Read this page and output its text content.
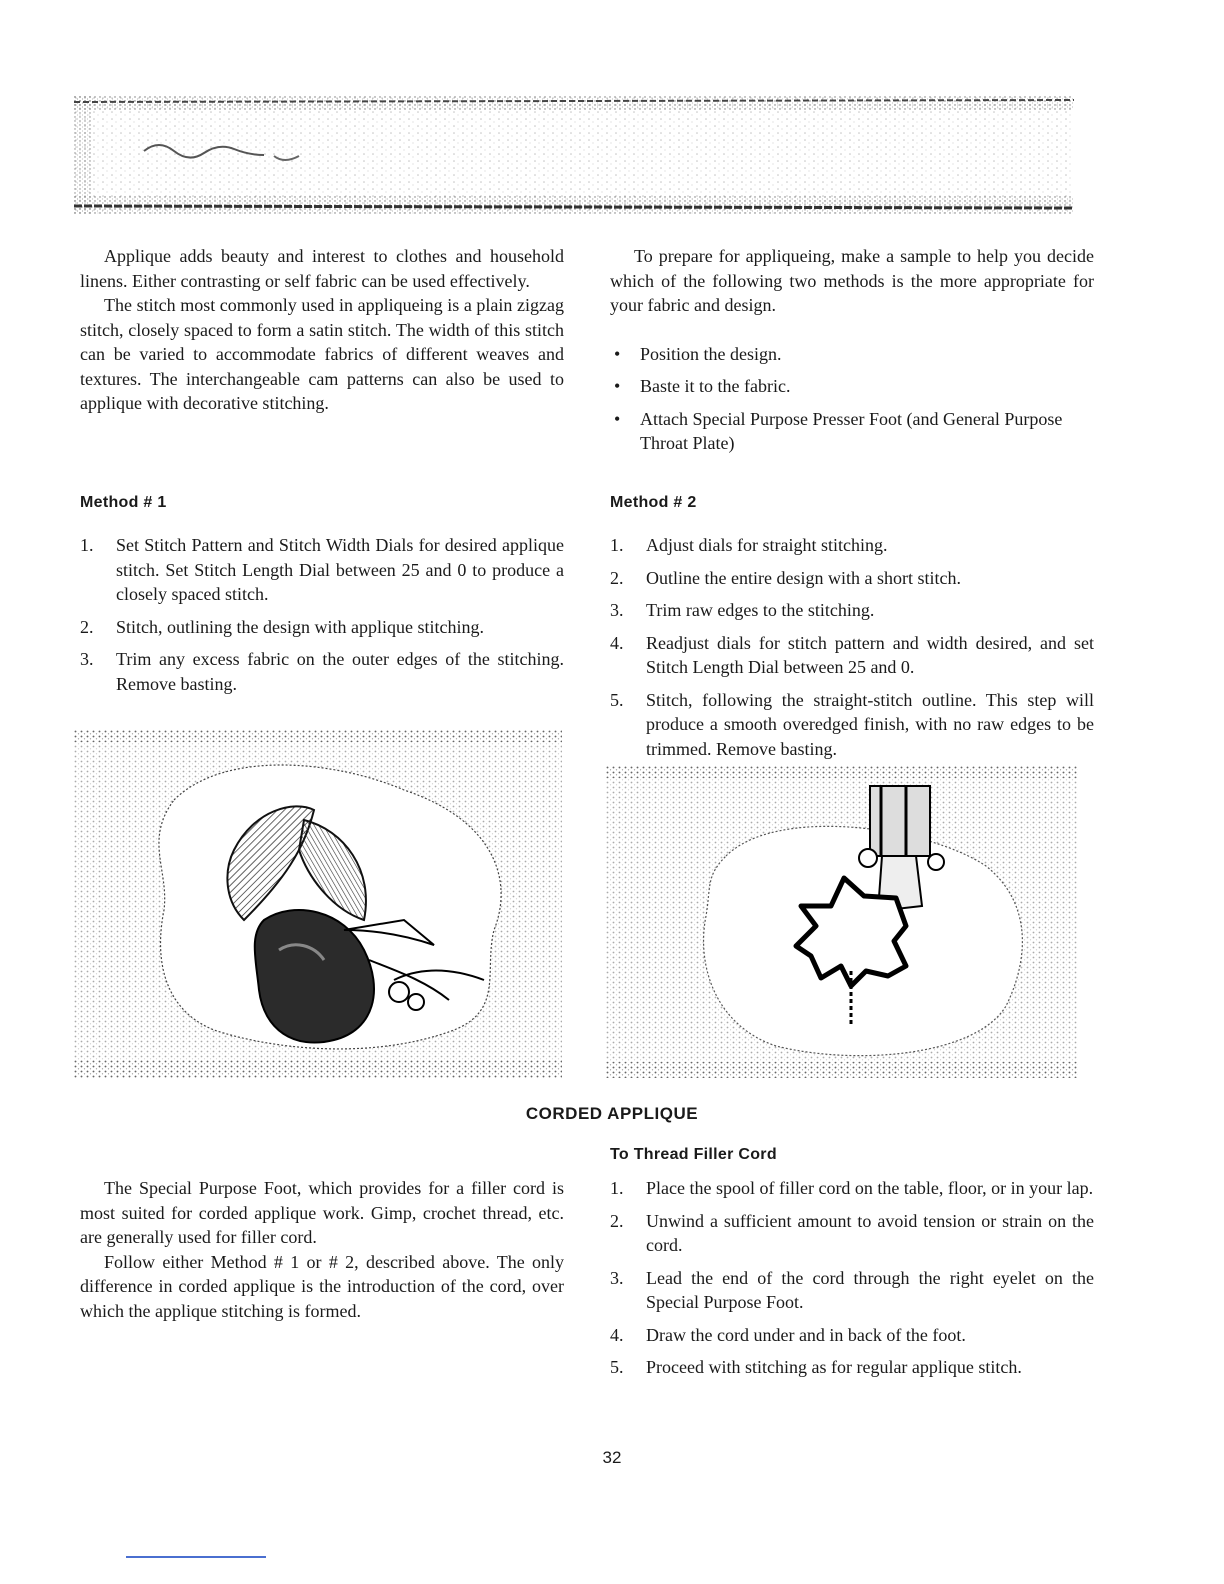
Applique adds beauty and interest to clothes and household linens. Either contrasting or self fabric can be used effectively.

The stitch most commonly used in appliqueing is a plain zigzag stitch, closely spaced to form a satin stitch. The width of this stitch can be varied to accommodate fabrics of different weaves and textures. The interchangeable cam patterns can also be used to applique with decorative stitching.

To prepare for appliqueing, make a sample to help you decide which of the following two methods is the more appropriate for your fabric and design.

•	Position the design.
•	Baste it to the fabric.
•	Attach Special Purpose Presser Foot (and General Purpose Throat Plate)
Method # 1
1.	Set Stitch Pattern and Stitch Width Dials for desired applique stitch. Set Stitch Length Dial between 25 and 0 to produce a closely spaced stitch.
2.	Stitch, outlining the design with applique stitching.
3.	Trim any excess fabric on the outer edges of the stitching. Remove basting.
Method # 2
1.	Adjust dials for straight stitching.
2.	Outline the entire design with a short stitch.
3.	Trim raw edges to the stitching.
4.	Readjust dials for stitch pattern and width desired, and set Stitch Length Dial between 25 and 0.
5.	Stitch, following the straight-stitch outline. This step will produce a smooth overedged finish, with no raw edges to be trimmed. Remove basting.
CORDED APPLIQUE

The Special Purpose Foot, which provides for a filler cord is most suited for corded applique work. Gimp, crochet thread, etc. are generally used for filler cord.

Follow either Method # 1 or # 2, described above. The only difference in corded applique is the introduction of the cord, over which the applique stitching is formed.

To Thread Filler Cord
1.	Place the spool of filler cord on the table, floor, or in your lap.
2.	Unwind a sufficient amount to avoid tension or strain on the cord.
3.	Lead the end of the cord through the right eyelet on the Special Purpose Foot.
4.	Draw the cord under and in back of the foot.
5.	Proceed with stitching as for regular applique stitch.
32
